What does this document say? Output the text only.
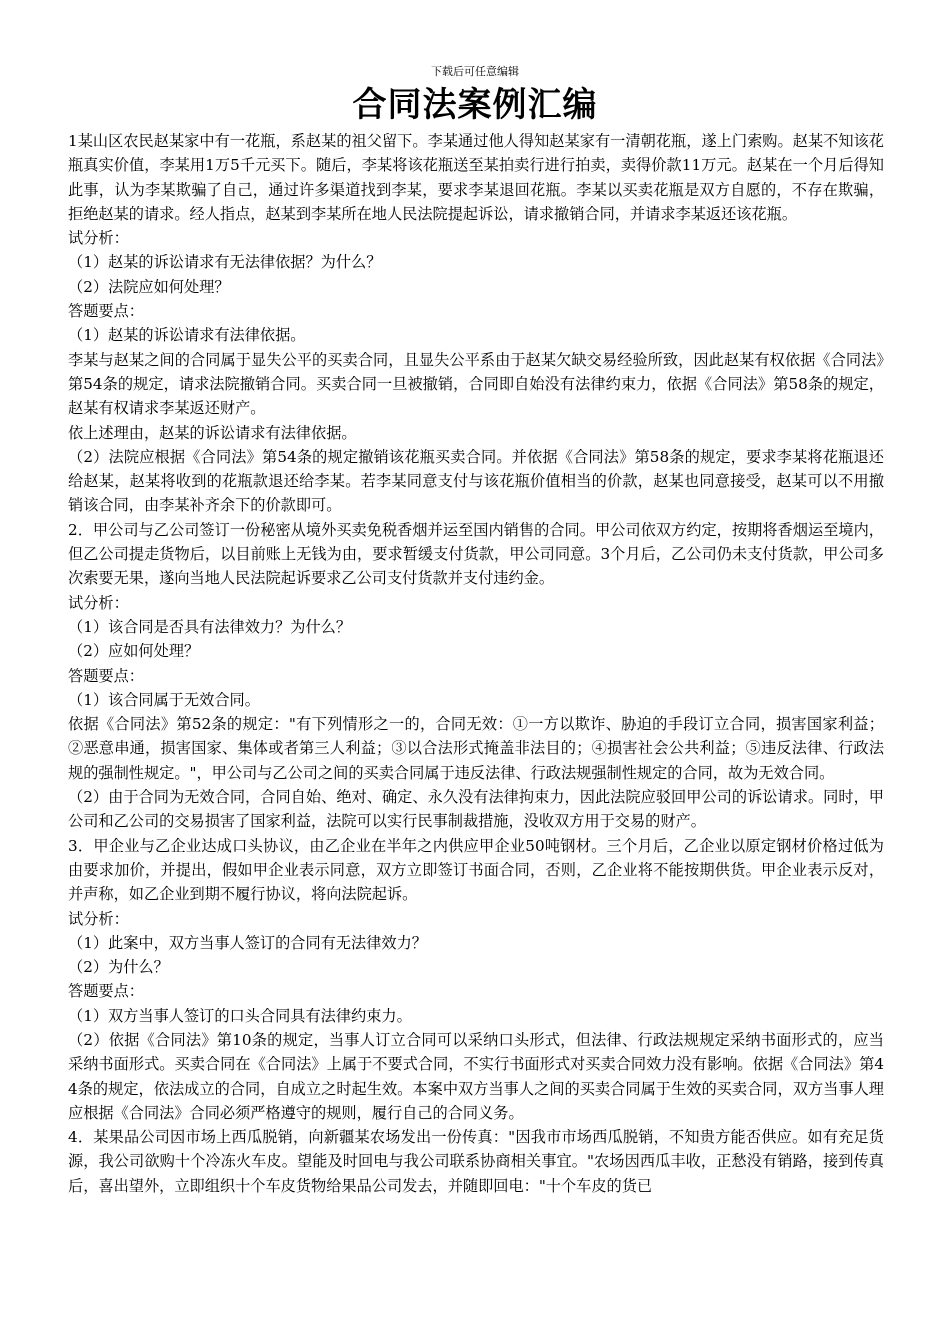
下载后可任意编辑
合同法案例汇编

1某山区农民赵某家中有一花瓶，系赵某的祖父留下。李某通过他人得知赵某家有一清朝花瓶，遂上门索购。赵某不知该花瓶真实价值，李某用1万5千元买下。随后，李某将该花瓶送至某拍卖行进行拍卖，卖得价款11万元。赵某在一个月后得知此事，认为李某欺骗了自己，通过许多渠道找到李某，要求李某退回花瓶。李某以买卖花瓶是双方自愿的，不存在欺骗，拒绝赵某的请求。经人指点，赵某到李某所在地人民法院提起诉讼，请求撤销合同，并请求李某返还该花瓶。

试分析：

（1）赵某的诉讼请求有无法律依据？为什么？

（2）法院应如何处理？

答题要点：

（1）赵某的诉讼请求有法律依据。

李某与赵某之间的合同属于显失公平的买卖合同，且显失公平系由于赵某欠缺交易经验所致，因此赵某有权依据《合同法》第54条的规定，请求法院撤销合同。买卖合同一旦被撤销，合同即自始没有法律约束力，依据《合同法》第58条的规定，赵某有权请求李某返还财产。

依上述理由，赵某的诉讼请求有法律依据。

（2）法院应根据《合同法》第54条的规定撤销该花瓶买卖合同。并依据《合同法》第58条的规定，要求李某将花瓶退还给赵某，赵某将收到的花瓶款退还给李某。若李某同意支付与该花瓶价值相当的价款，赵某也同意接受，赵某可以不用撤销该合同，由李某补齐余下的价款即可。

2．甲公司与乙公司签订一份秘密从境外买卖免税香烟并运至国内销售的合同。甲公司依双方约定，按期将香烟运至境内，但乙公司提走货物后，以目前账上无钱为由，要求暂缓支付货款，甲公司同意。3个月后，乙公司仍未支付货款，甲公司多次索要无果，遂向当地人民法院起诉要求乙公司支付货款并支付违约金。

试分析：

（1）该合同是否具有法律效力？为什么？

（2）应如何处理？

答题要点：

（1）该合同属于无效合同。

依据《合同法》第52条的规定："有下列情形之一的，合同无效：①一方以欺诈、胁迫的手段订立合同，损害国家利益；②恶意串通，损害国家、集体或者第三人利益；③以合法形式掩盖非法目的；④损害社会公共利益；⑤违反法律、行政法规的强制性规定。"，甲公司与乙公司之间的买卖合同属于违反法律、行政法规强制性规定的合同，故为无效合同。

（2）由于合同为无效合同，合同自始、绝对、确定、永久没有法律拘束力，因此法院应驳回甲公司的诉讼请求。同时，甲公司和乙公司的交易损害了国家利益，法院可以实行民事制裁措施，没收双方用于交易的财产。

3．甲企业与乙企业达成口头协议，由乙企业在半年之内供应甲企业50吨钢材。三个月后，乙企业以原定钢材价格过低为由要求加价，并提出，假如甲企业表示同意，双方立即签订书面合同，否则，乙企业将不能按期供货。甲企业表示反对，并声称，如乙企业到期不履行协议，将向法院起诉。

试分析：

（1）此案中，双方当事人签订的合同有无法律效力？

（2）为什么？

答题要点：

（1）双方当事人签订的口头合同具有法律约束力。

（2）依据《合同法》第10条的规定，当事人订立合同可以采纳口头形式，但法律、行政法规规定采纳书面形式的，应当采纳书面形式。买卖合同在《合同法》上属于不要式合同，不实行书面形式对买卖合同效力没有影响。依据《合同法》第44条的规定，依法成立的合同，自成立之时起生效。本案中双方当事人之间的买卖合同属于生效的买卖合同，双方当事人理应根据《合同法》合同必须严格遵守的规则，履行自己的合同义务。

4．某果品公司因市场上西瓜脱销，向新疆某农场发出一份传真："因我市市场西瓜脱销，不知贵方能否供应。如有充足货源，我公司欲购十个冷冻火车皮。望能及时回电与我公司联系协商相关事宜。"农场因西瓜丰收，正愁没有销路，接到传真后，喜出望外，立即组织十个车皮货物给果品公司发去，并随即回电："十个车皮的货已
